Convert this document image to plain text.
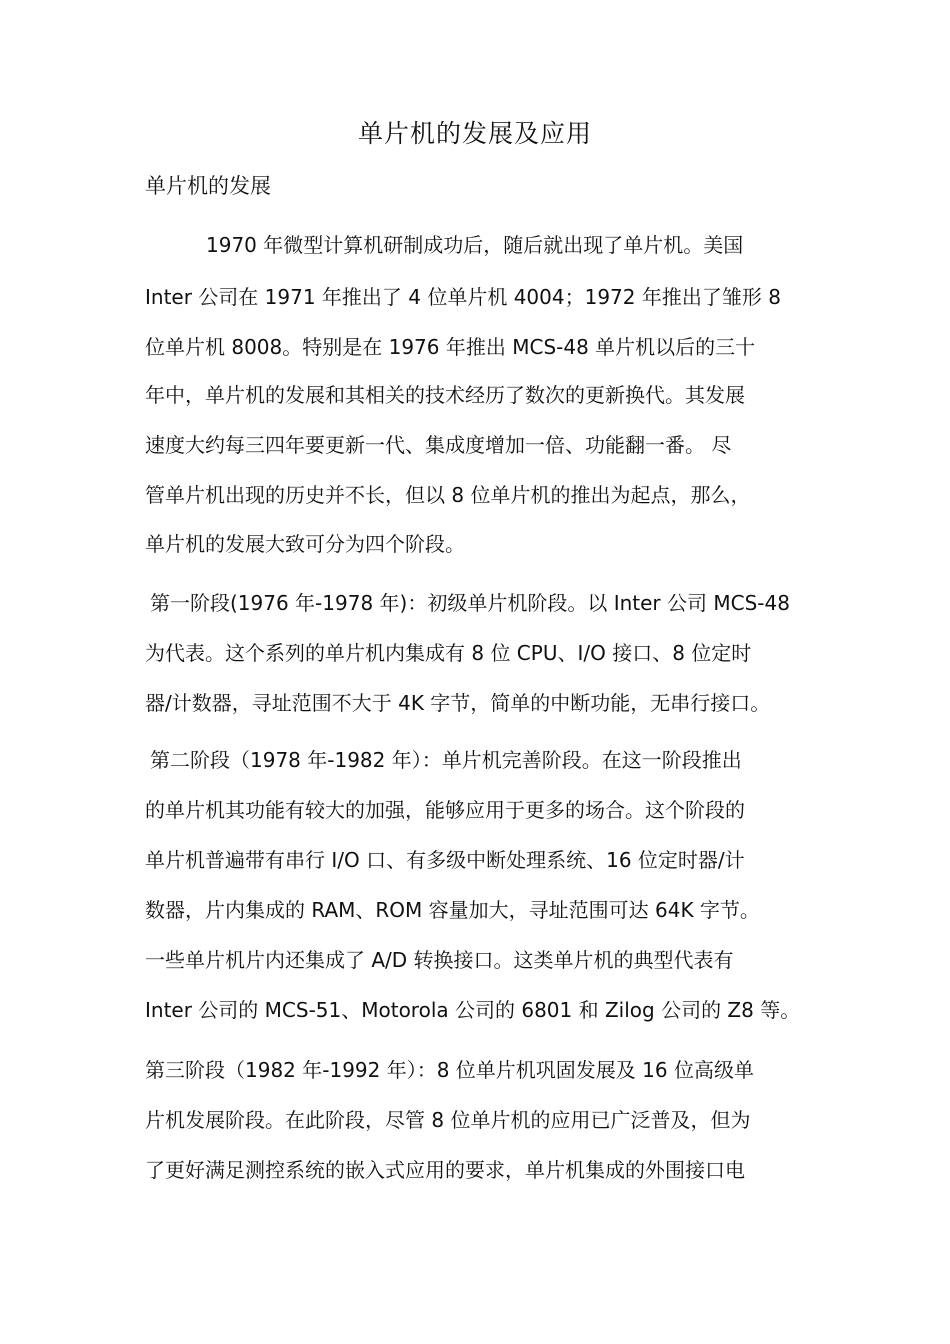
单片机的发展及应用
单片机的发展
1970 年微型计算机研制成功后，随后就出现了单片机。美国
Inter 公司在 1971 年推出了 4 位单片机 4004；1972 年推出了雏形 8
位单片机 8008。特别是在 1976 年推出 MCS-48 单片机以后的三十
年中，单片机的发展和其相关的技术经历了数次的更新换代。其发展
速度大约每三四年要更新一代、集成度增加一倍、功能翻一番。 尽
管单片机出现的历史并不长，但以 8 位单片机的推出为起点，那么，
单片机的发展大致可分为四个阶段。
第一阶段(1976 年-1978 年)：初级单片机阶段。以 Inter 公司 MCS-48
为代表。这个系列的单片机内集成有 8 位 CPU、I/O 接口、8 位定时
器/计数器，寻址范围不大于 4K 字节，简单的中断功能，无串行接口。
第二阶段（1978 年-1982 年）：单片机完善阶段。在这一阶段推出
的单片机其功能有较大的加强，能够应用于更多的场合。这个阶段的
单片机普遍带有串行 I/O 口、有多级中断处理系统、16 位定时器/计
数器，片内集成的 RAM、ROM 容量加大，寻址范围可达 64K 字节。
一些单片机片内还集成了 A/D 转换接口。这类单片机的典型代表有
Inter 公司的 MCS-51、Motorola 公司的 6801 和 Zilog 公司的 Z8 等。
第三阶段（1982 年-1992 年）：8 位单片机巩固发展及 16 位高级单
片机发展阶段。在此阶段，尽管 8 位单片机的应用已广泛普及，但为
了更好满足测控系统的嵌入式应用的要求，单片机集成的外围接口电
